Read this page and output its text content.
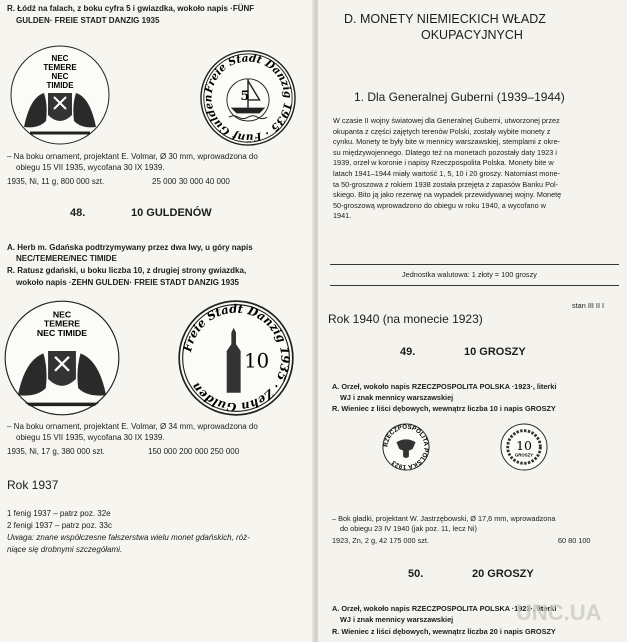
R. Łódź na falach, z boku cyfra 5 i gwiazdka, wokoło napis ·FÜNF
GULDEN· FREIE STADT DANZIG 1935
NEC
TEMERE
NEC
TIMIDE	Freie Stadt Danzig 1935 · Fünf Gulden	5
– Na boku ornament, projektant E. Volmar, Ø 30 mm, wprowadzona do
obiegu 15 VII 1935, wycofana 30 IX 1939.
1935, Ni, 11 g, 800 000 szt.	25 000 30 000 40 000
48.	10 GULDENÓW
A. Herb m. Gdańska podtrzymywany przez dwa lwy, u góry napis
NEC/TEMERE/NEC TIMIDE
R. Ratusz gdański, u boku liczba 10, z drugiej strony gwiazdka,
wokoło napis ·ZEHN GULDEN· FREIE STADT DANZIG 1935
NEC
TEMERE
NEC TIMIDE
Freie Stadt Danzig 1935 · Zehn Gulden
10
– Na boku ornament, projektant E. Volmar, Ø 34 mm, wprowadzona do
obiegu 15 VII 1935, wycofana 30 IX 1939.
1935, Ni, 17 g, 380 000 szt.	150 000 200 000 250 000
Rok 1937
1 fenig 1937 – patrz poz. 32e
2 fenigi 1937 – patrz poz. 33c
Uwaga: znane współczesne fałszerstwa wielu monet gdańskich, róż-
niące się drobnymi szczegółami.
D. MONETY NIEMIECKICH WŁADZ
OKUPACYJNYCH
1. Dla Generalnej Guberni (1939–1944)
Jednostka walutowa: 1 złoty = 100 groszy
stan III II I
Rok 1940 (na monecie 1923)
49.	10 GROSZY
A. Orzeł, wokoło napis RZECZPOSPOLITA POLSKA ·1923·, literki
WJ i znak mennicy warszawskiej
R. Wieniec z liści dębowych, wewnątrz liczba 10 i napis GROSZY
RZECZPOSPOLITA POLSKA 1923
10
GROSZY
– Bok gładki, projektant W. Jastrzębowski, Ø 17,6 mm, wprowadzona
do obiegu 23 IV 1940 (jak poz. 11, lecz Ni)
1923, Zn, 2 g, 42 175 000 szt.	60 80 100
50.	20 GROSZY
A. Orzeł, wokoło napis RZECZPOSPOLITA POLSKA ·1923·, literki
WJ i znak mennicy warszawskiej
R. Wieniec z liści dębowych, wewnątrz liczba 20 i napis GROSZY
UNC.UA
W czasie II wojny światowej dla Generalnej Guberni, utworzonej przez
okupanta z części zajętych terenów Polski, zostały wybite monety z
cynku. Monety te były bite w mennicy warszawskiej, stemplami z okre-
su międzywojennego. Dlatego też na monetach pozostały daty 1923 i
1939, orzeł w koronie i napisy Rzeczpospolita Polska. Monety bite w
latach 1941–1944 miały wartość 1, 5, 10 i 20 groszy. Natomiast mone-
ta 50-groszowa z rokiem 1938 została przejęta z zapasów Banku Pol-
skiego. Bito ją jako rezerwę na wypadek przewidywanej wojny. Monetę
50-groszową wprowadzono do obiegu w roku 1940, a wycofano w
1941.
